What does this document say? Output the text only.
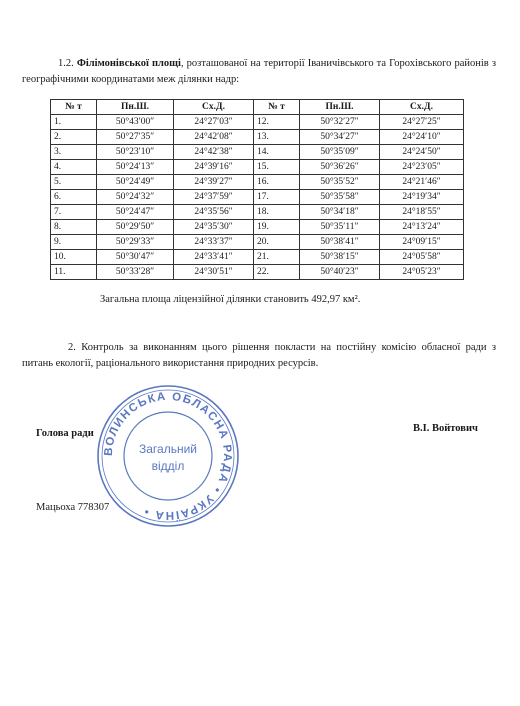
1.2. Філімонівської площі, розташованої на території Іваничівського та Горохівського районів з географічними координатами меж ділянки надр:
№ т	Пн.Ш.	Сх.Д.	№ т	Пн.Ш.	Сх.Д.
1.	50°43′00″	24°27′03″	12.	50°32′27″	24°27′25″
2.	50°27′35″	24°42′08″	13.	50°34′27″	24°24′10″
3.	50°23′10″	24°42′38″	14.	50°35′09″	24°24′50″
4.	50°24′13″	24°39′16″	15.	50°36′26″	24°23′05″
5.	50°24′49″	24°39′27″	16.	50°35′52″	24°21′46″
6.	50°24′32″	24°37′59″	17.	50°35′58″	24°19′34″
7.	50°24′47″	24°35′56″	18.	50°34′18″	24°18′55″
8.	50°29′50″	24°35′30″	19.	50°35′11″	24°13′24″
9.	50°29′33″	24°33′37″	20.	50°38′41″	24°09′15″
10.	50°30′47″	24°33′41″	21.	50°38′15″	24°05′58″
11.	50°33′28″	24°30′51″	22.	50°40′23″	24°05′23″
Загальна площа ліцензійної ділянки становить 492,97 км².
2. Контроль за виконанням цього рішення покласти на постійну комісію обласної ради з питань екології, раціонального використання природних ресурсів.
ВОЛИНСЬКА ОБЛАСНА РАДА • УКРАЇНА •
Загальний
відділ
Голова ради	В.І. Войтович
Мацьоха 778307
